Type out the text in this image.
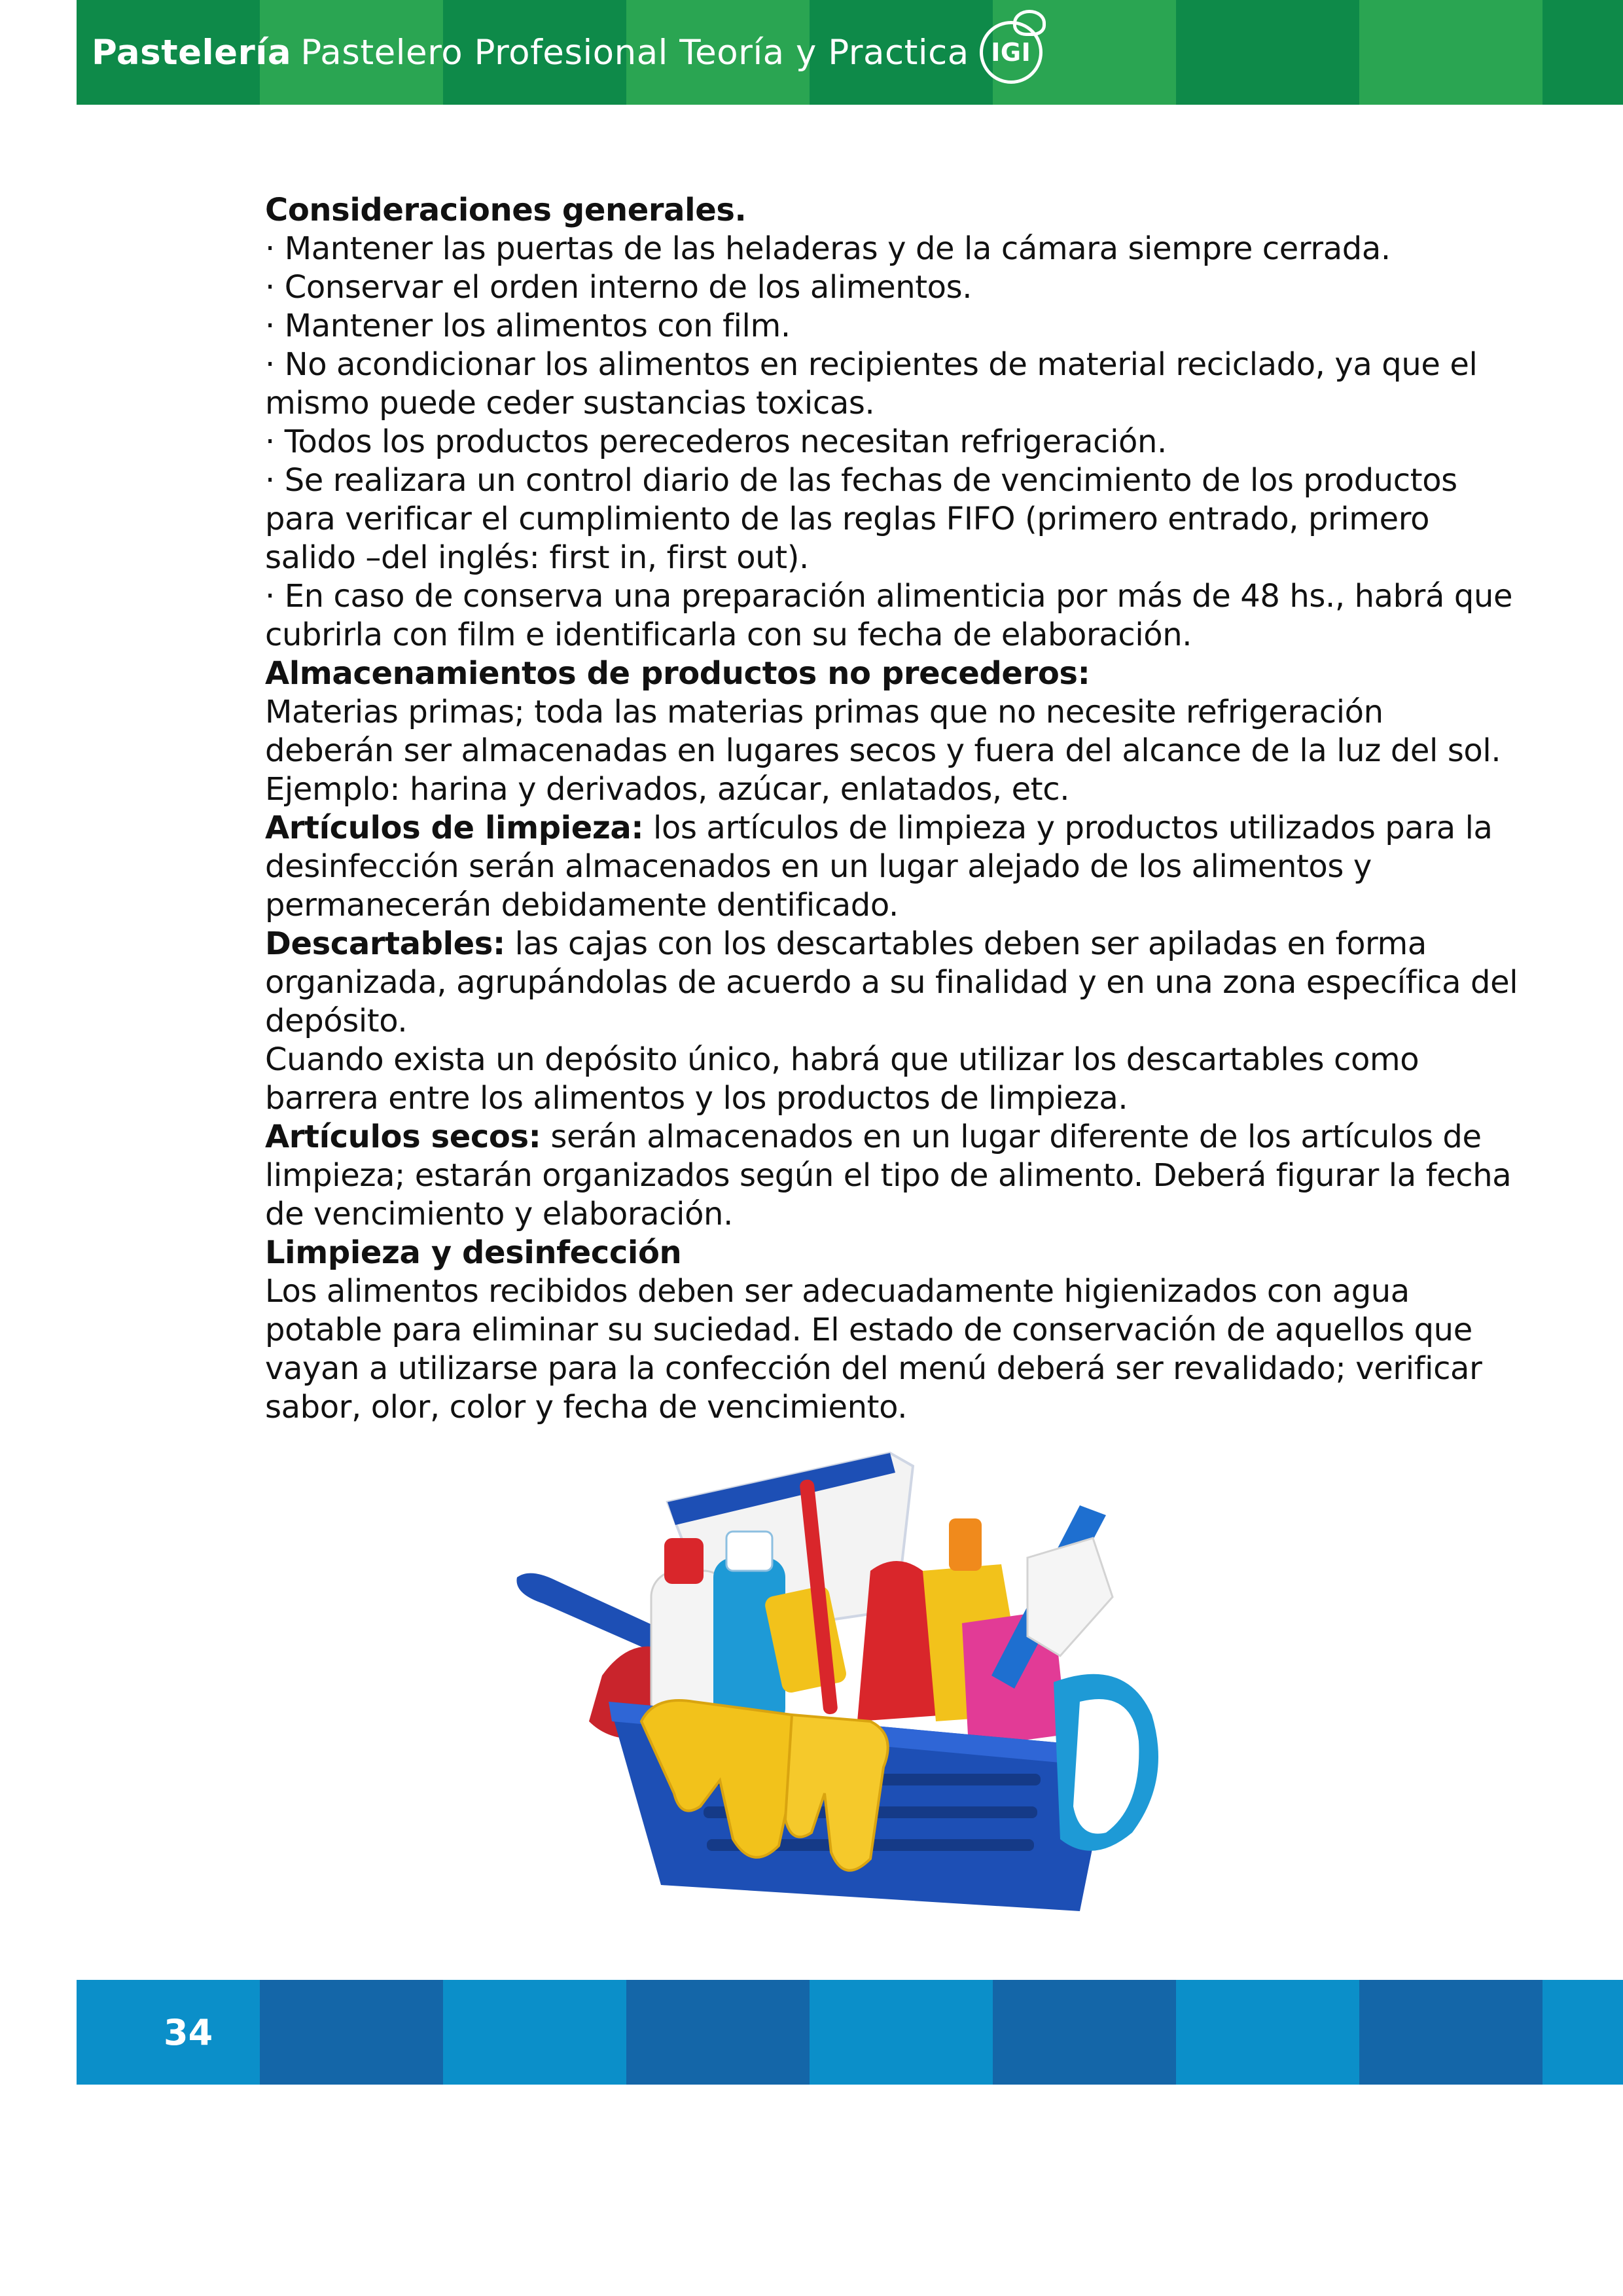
Pastelería Pastelero Profesional Teoría y Practica IGI

Consideraciones generales.

· Mantener las puertas de las heladeras y de la cámara siempre cerrada.

· Conservar el orden interno de los alimentos.

· Mantener los alimentos con film.

· No acondicionar los alimentos en recipientes de material reciclado, ya que el mismo puede ceder sustancias toxicas.

· Todos los productos perecederos necesitan refrigeración.

· Se realizara un control diario de las fechas de vencimiento de los productos para verificar el cumplimiento de las reglas FIFO (primero entrado, primero salido –del inglés: first in, first out).

· En caso de conserva una preparación alimenticia por más de 48 hs., habrá que cubrirla con film e identificarla con su fecha de elaboración.

Almacenamientos de productos no precederos:

Materias primas; toda las materias primas que no necesite refrigeración deberán ser almacenadas en lugares secos y fuera del alcance de la luz del sol. Ejemplo: harina y derivados, azúcar, enlatados, etc.

Artículos de limpieza: los artículos de limpieza y productos utilizados para la desinfección serán almacenados en un lugar alejado de los alimentos y permanecerán debidamente dentificado.

Descartables: las cajas con los descartables deben ser apiladas en forma organizada, agrupándolas de acuerdo a su finalidad y en una zona específica del depósito.

Cuando exista un depósito único, habrá que utilizar los descartables como barrera entre los alimentos y los productos de limpieza.

Artículos secos: serán almacenados en un lugar diferente de los artículos de limpieza; estarán organizados según el tipo de alimento. Deberá figurar la fecha de vencimiento y elaboración.

Limpieza y desinfección

Los alimentos recibidos deben ser adecuadamente higienizados con agua potable para eliminar su suciedad. El estado de conservación de aquellos que vayan a utilizarse para la confección del menú deberá ser revalidado; verificar sabor, olor, color y fecha de vencimiento.

34
